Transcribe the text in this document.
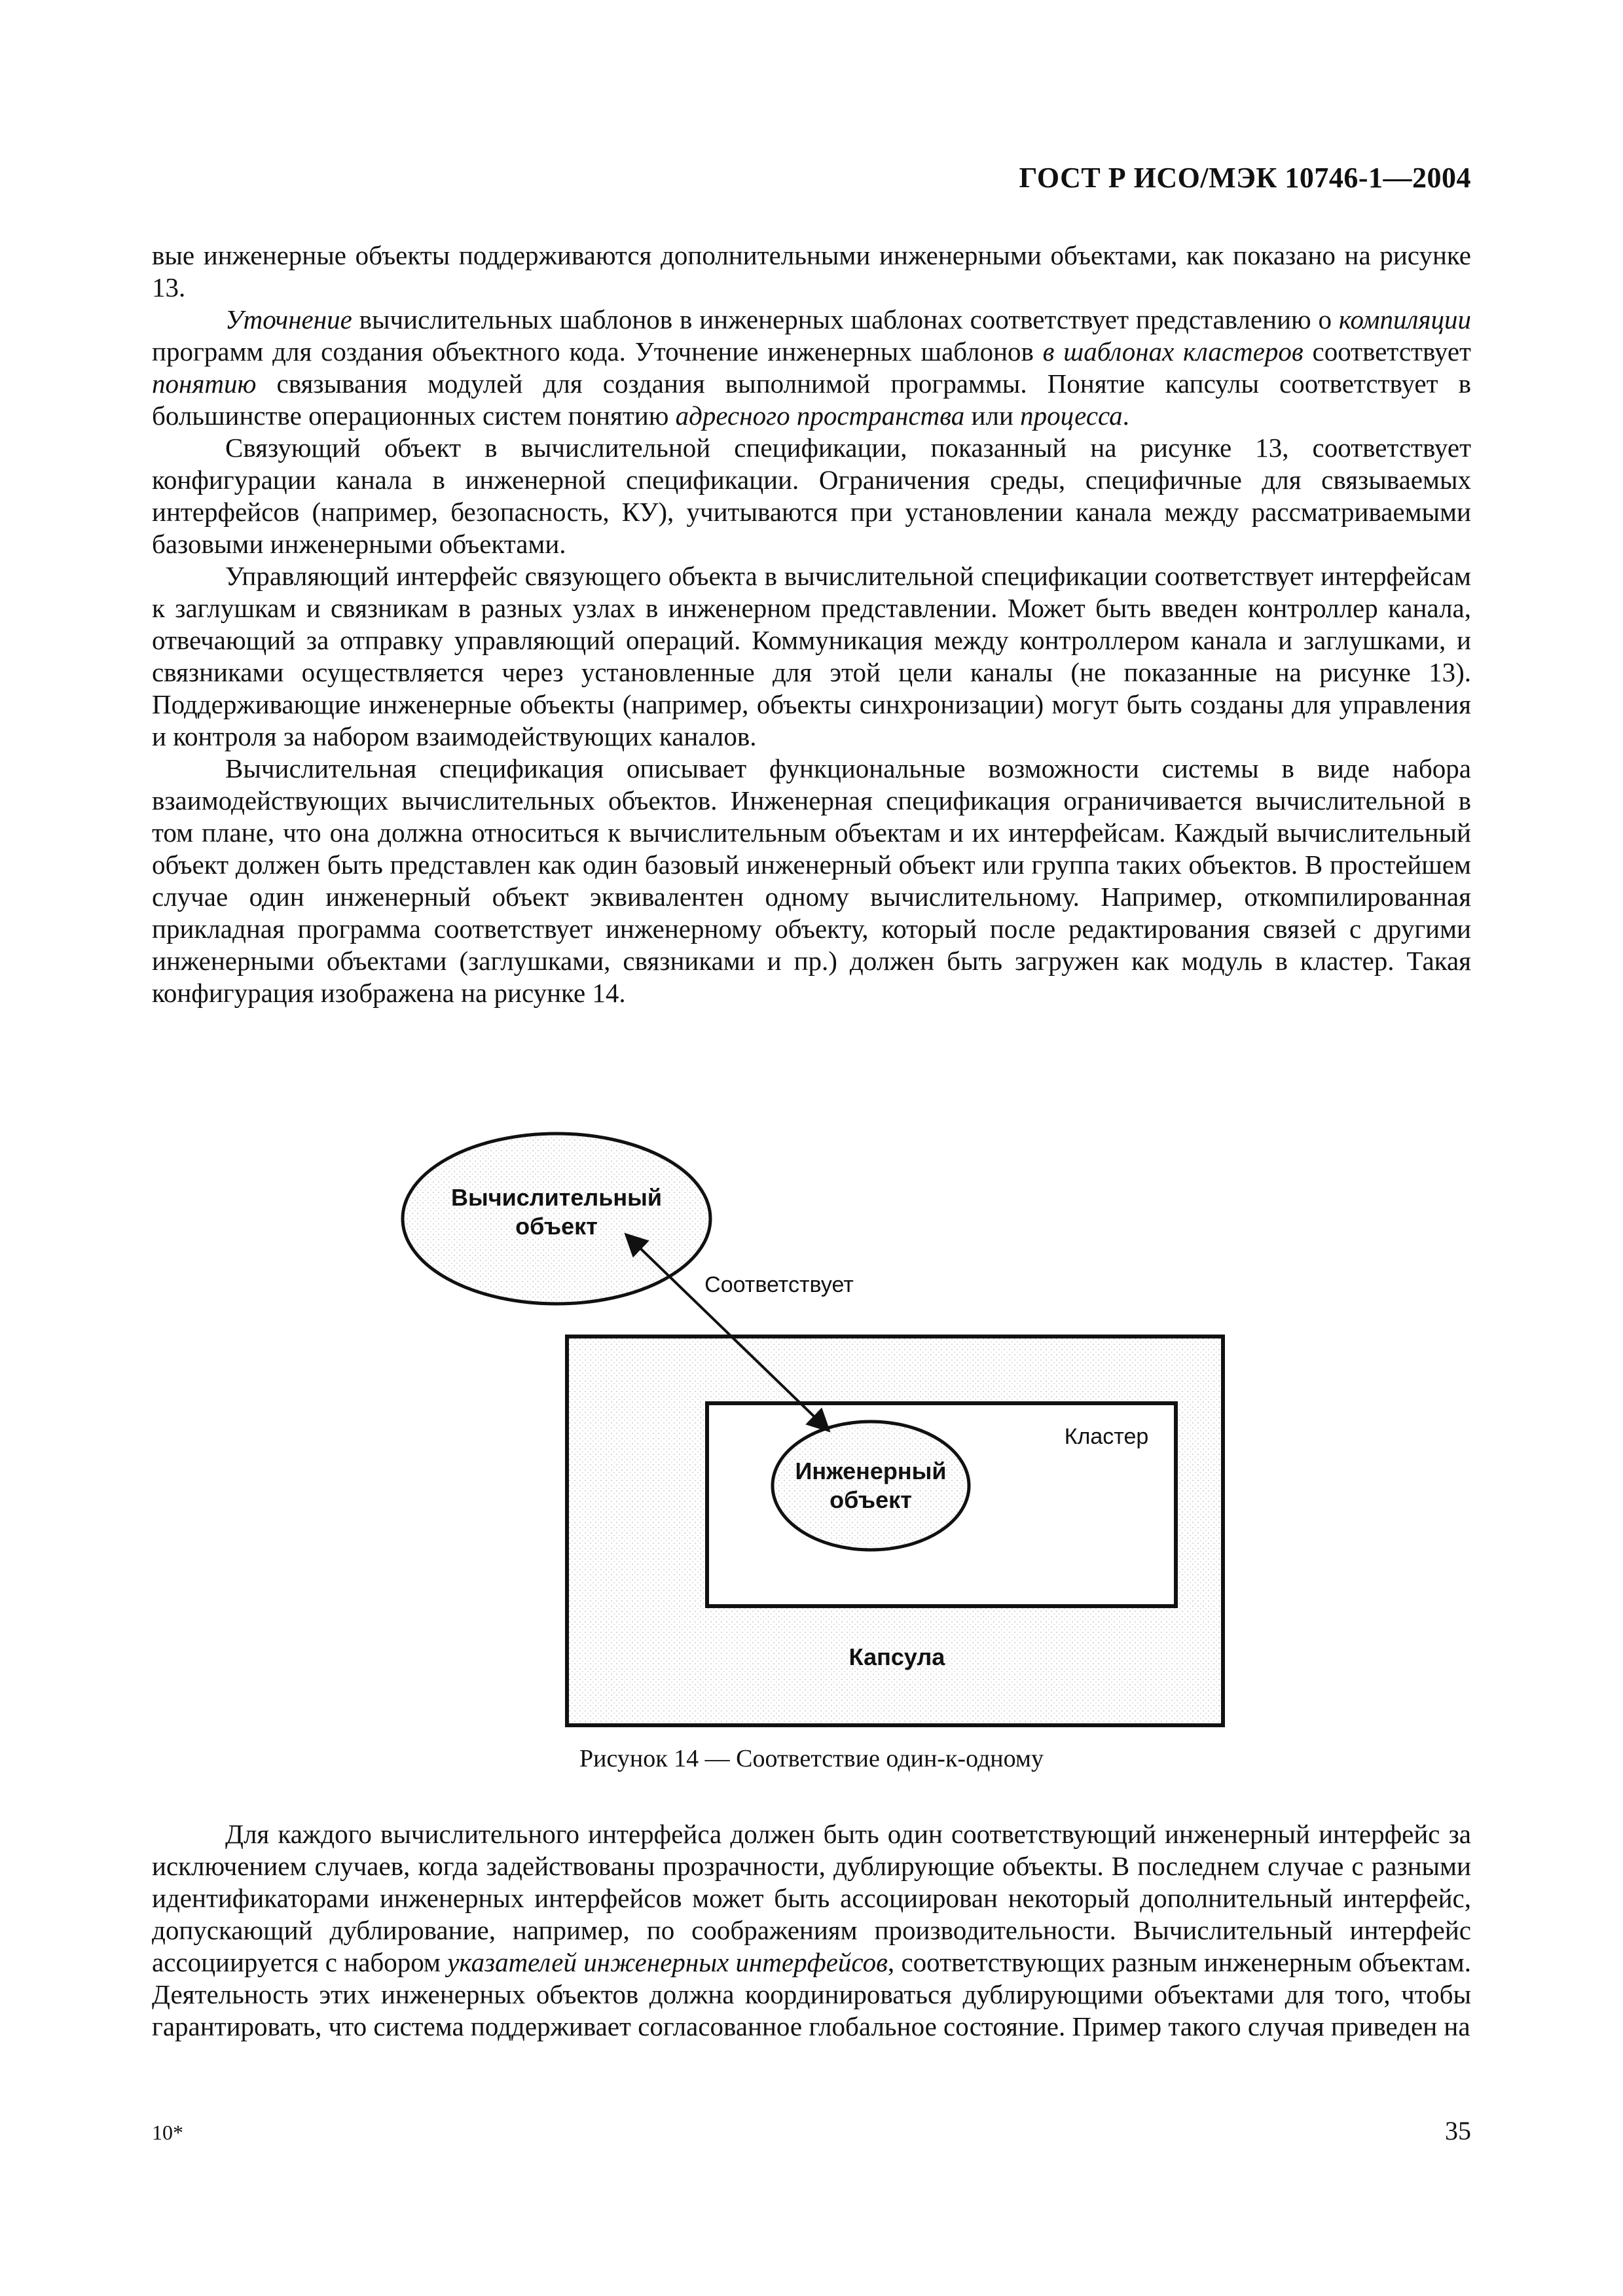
ГОСТ Р ИСО/МЭК 10746-1—2004

вые инженерные объекты поддерживаются дополнительными инженерными объектами, как показано на рисунке 13.

Уточнение вычислительных шаблонов в инженерных шаблонах соответствует представлению о компиляции программ для создания объектного кода. Уточнение инженерных шаблонов в шаблонах кластеров соответствует понятию связывания модулей для создания выполнимой программы. Понятие капсулы соответствует в большинстве операционных систем понятию адресного пространства или процесса.

Связующий объект в вычислительной спецификации, показанный на рисунке 13, соответствует конфигурации канала в инженерной спецификации. Ограничения среды, специфичные для связываемых интерфейсов (например, безопасность, КУ), учитываются при установлении канала между рассматриваемыми базовыми инженерными объектами.

Управляющий интерфейс связующего объекта в вычислительной спецификации соответствует интерфейсам к заглушкам и связникам в разных узлах в инженерном представлении. Может быть введен контроллер канала, отвечающий за отправку управляющий операций. Коммуникация между контроллером канала и заглушками, и связниками осуществляется через установленные для этой цели каналы (не показанные на рисунке 13). Поддерживающие инженерные объекты (например, объекты синхронизации) могут быть созданы для управления и контроля за набором взаимодействующих каналов.

Вычислительная спецификация описывает функциональные возможности системы в виде набора взаимодействующих вычислительных объектов. Инженерная спецификация ограничивается вычислительной в том плане, что она должна относиться к вычислительным объектам и их интерфейсам. Каждый вычислительный объект должен быть представлен как один базовый инженерный объект или группа таких объектов. В простейшем случае один инженерный объект эквивалентен одному вычислительному. Например, откомпилированная прикладная программа соответствует инженерному объекту, который после редактирования связей с другими инженерными объектами (заглушками, связниками и пр.) должен быть загружен как модуль в кластер. Такая конфигурация изображена на рисунке 14.

Вычислительный
объект
Соответствует
Кластер
Инженерный
объект
Капсула
Рисунок 14 — Соответствие один-к-одному

Для каждого вычислительного интерфейса должен быть один соответствующий инженерный интерфейс за исключением случаев, когда задействованы прозрачности, дублирующие объекты. В последнем случае с разными идентификаторами инженерных интерфейсов может быть ассоциирован некоторый дополнительный интерфейс, допускающий дублирование, например, по соображениям производительности. Вычислительный интерфейс ассоциируется с набором указателей инженерных интерфейсов, соответствующих разным инженерным объектам. Деятельность этих инженерных объектов должна координироваться дублирующими объектами для того, чтобы гарантировать, что система поддерживает согласованное глобальное состояние. Пример такого случая приведен на

10*	35
